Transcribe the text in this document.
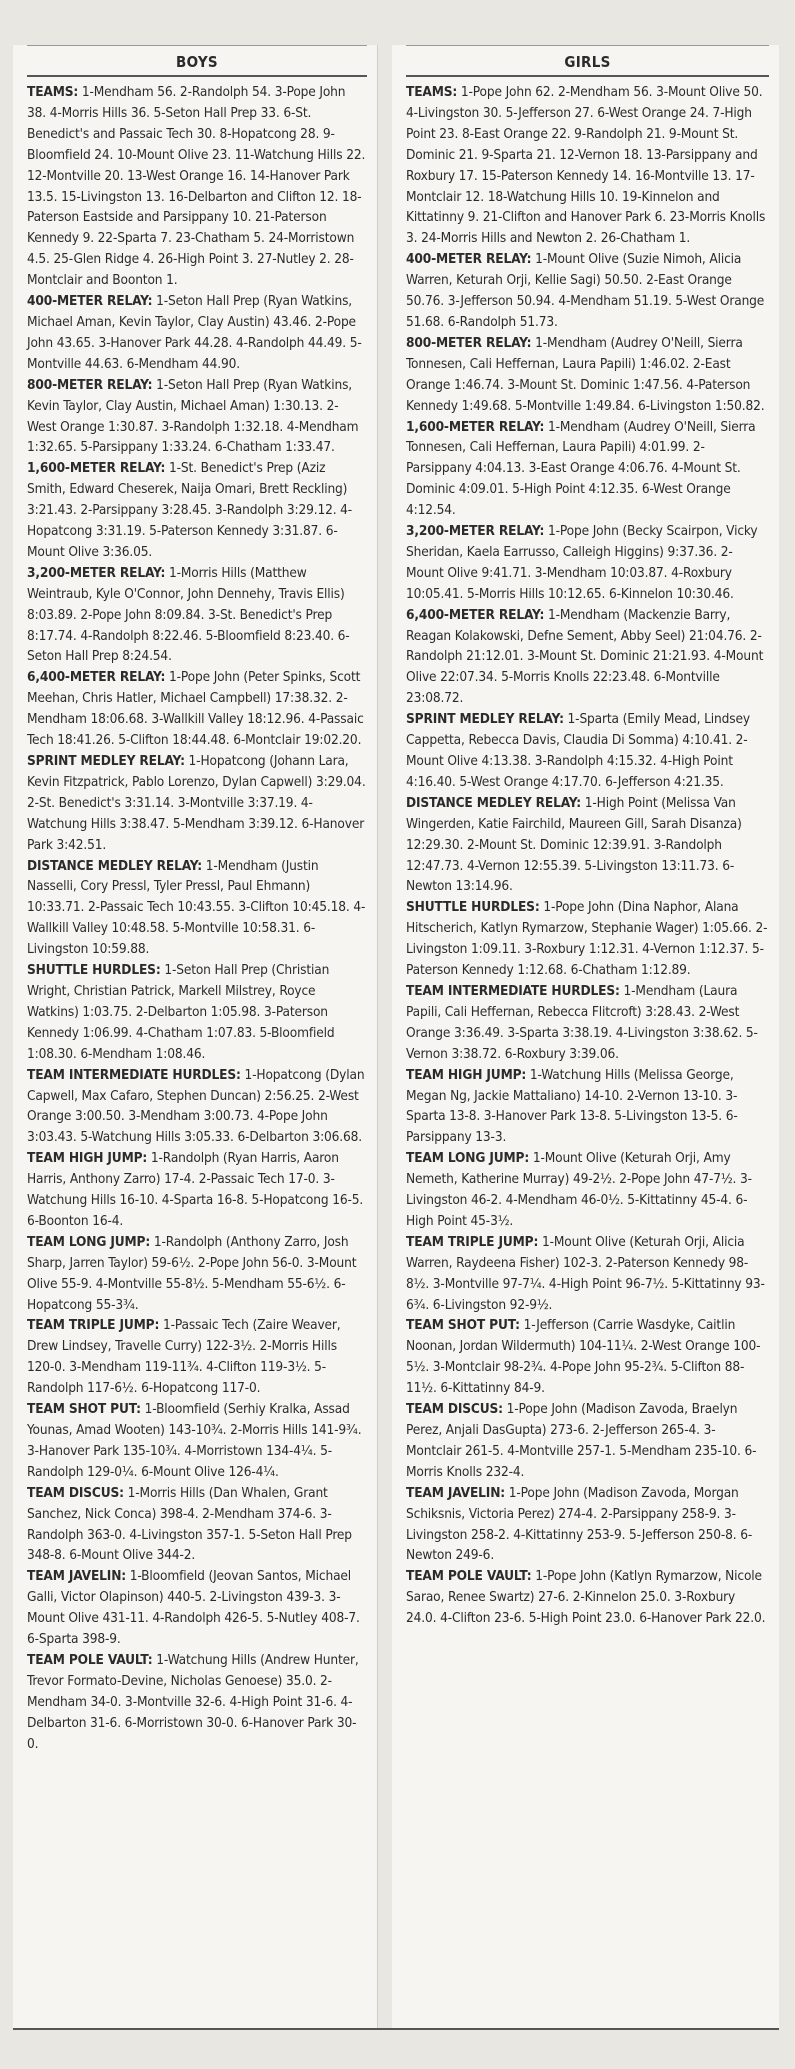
BOYS

TEAMS: 1-Mendham 56. 2-Randolph 54. 3-Pope John 38. 4-Morris Hills 36. 5-Seton Hall Prep 33. 6-St. Benedict's and Passaic Tech 30. 8-Hopatcong 28. 9-Bloomfield 24. 10-Mount Olive 23. 11-Watchung Hills 22. 12-Montville 20. 13-West Orange 16. 14-Hanover Park 13.5. 15-Livingston 13. 16-Delbarton and Clifton 12. 18-Paterson Eastside and Parsippany 10. 21-Paterson Kennedy 9. 22-Sparta 7. 23-Chatham 5. 24-Morristown 4.5. 25-Glen Ridge 4. 26-High Point 3. 27-Nutley 2. 28-Montclair and Boonton 1.

400-METER RELAY: 1-Seton Hall Prep (Ryan Watkins, Michael Aman, Kevin Taylor, Clay Austin) 43.46. 2-Pope John 43.65. 3-Hanover Park 44.28. 4-Randolph 44.49. 5-Montville 44.63. 6-Mendham 44.90.

800-METER RELAY: 1-Seton Hall Prep (Ryan Watkins, Kevin Taylor, Clay Austin, Michael Aman) 1:30.13. 2-West Orange 1:30.87. 3-Randolph 1:32.18. 4-Mendham 1:32.65. 5-Parsippany 1:33.24. 6-Chatham 1:33.47.

1,600-METER RELAY: 1-St. Benedict's Prep (Aziz Smith, Edward Cheserek, Naija Omari, Brett Reckling) 3:21.43. 2-Parsippany 3:28.45. 3-Randolph 3:29.12. 4-Hopatcong 3:31.19. 5-Paterson Kennedy 3:31.87. 6-Mount Olive 3:36.05.

3,200-METER RELAY: 1-Morris Hills (Matthew Weintraub, Kyle O'Connor, John Dennehy, Travis Ellis) 8:03.89. 2-Pope John 8:09.84. 3-St. Benedict's Prep 8:17.74. 4-Randolph 8:22.46. 5-Bloomfield 8:23.40. 6-Seton Hall Prep 8:24.54.

6,400-METER RELAY: 1-Pope John (Peter Spinks, Scott Meehan, Chris Hatler, Michael Campbell) 17:38.32. 2-Mendham 18:06.68. 3-Wallkill Valley 18:12.96. 4-Passaic Tech 18:41.26. 5-Clifton 18:44.48. 6-Montclair 19:02.20.

SPRINT MEDLEY RELAY: 1-Hopatcong (Johann Lara, Kevin Fitzpatrick, Pablo Lorenzo, Dylan Capwell) 3:29.04. 2-St. Benedict's 3:31.14. 3-Montville 3:37.19. 4-Watchung Hills 3:38.47. 5-Mendham 3:39.12. 6-Hanover Park 3:42.51.

DISTANCE MEDLEY RELAY: 1-Mendham (Justin Nasselli, Cory Pressl, Tyler Pressl, Paul Ehmann) 10:33.71. 2-Passaic Tech 10:43.55. 3-Clifton 10:45.18. 4-Wallkill Valley 10:48.58. 5-Montville 10:58.31. 6-Livingston 10:59.88.

SHUTTLE HURDLES: 1-Seton Hall Prep (Christian Wright, Christian Patrick, Markell Milstrey, Royce Watkins) 1:03.75. 2-Delbarton 1:05.98. 3-Paterson Kennedy 1:06.99. 4-Chatham 1:07.83. 5-Bloomfield 1:08.30. 6-Mendham 1:08.46.

TEAM INTERMEDIATE HURDLES: 1-Hopatcong (Dylan Capwell, Max Cafaro, Stephen Duncan) 2:56.25. 2-West Orange 3:00.50. 3-Mendham 3:00.73. 4-Pope John 3:03.43. 5-Watchung Hills 3:05.33. 6-Delbarton 3:06.68.

TEAM HIGH JUMP: 1-Randolph (Ryan Harris, Aaron Harris, Anthony Zarro) 17-4. 2-Passaic Tech 17-0. 3-Watchung Hills 16-10. 4-Sparta 16-8. 5-Hopatcong 16-5. 6-Boonton 16-4.

TEAM LONG JUMP: 1-Randolph (Anthony Zarro, Josh Sharp, Jarren Taylor) 59-6½. 2-Pope John 56-0. 3-Mount Olive 55-9. 4-Montville 55-8½. 5-Mendham 55-6½. 6-Hopatcong 55-3¾.

TEAM TRIPLE JUMP: 1-Passaic Tech (Zaire Weaver, Drew Lindsey, Travelle Curry) 122-3½. 2-Morris Hills 120-0. 3-Mendham 119-11¾. 4-Clifton 119-3½. 5-Randolph 117-6½. 6-Hopatcong 117-0.

TEAM SHOT PUT: 1-Bloomfield (Serhiy Kralka, Assad Younas, Amad Wooten) 143-10¾. 2-Morris Hills 141-9¾. 3-Hanover Park 135-10¾. 4-Morristown 134-4¼. 5-Randolph 129-0¼. 6-Mount Olive 126-4¼.

TEAM DISCUS: 1-Morris Hills (Dan Whalen, Grant Sanchez, Nick Conca) 398-4. 2-Mendham 374-6. 3-Randolph 363-0. 4-Livingston 357-1. 5-Seton Hall Prep 348-8. 6-Mount Olive 344-2.

TEAM JAVELIN: 1-Bloomfield (Jeovan Santos, Michael Galli, Victor Olapinson) 440-5. 2-Livingston 439-3. 3-Mount Olive 431-11. 4-Randolph 426-5. 5-Nutley 408-7. 6-Sparta 398-9.

TEAM POLE VAULT: 1-Watchung Hills (Andrew Hunter, Trevor Formato-Devine, Nicholas Genoese) 35.0. 2-Mendham 34-0. 3-Montville 32-6. 4-High Point 31-6. 4-Delbarton 31-6. 6-Morristown 30-0. 6-Hanover Park 30-0.

GIRLS

TEAMS: 1-Pope John 62. 2-Mendham 56. 3-Mount Olive 50. 4-Livingston 30. 5-Jefferson 27. 6-West Orange 24. 7-High Point 23. 8-East Orange 22. 9-Randolph 21. 9-Mount St. Dominic 21. 9-Sparta 21. 12-Vernon 18. 13-Parsippany and Roxbury 17. 15-Paterson Kennedy 14. 16-Montville 13. 17-Montclair 12. 18-Watchung Hills 10. 19-Kinnelon and Kittatinny 9. 21-Clifton and Hanover Park 6. 23-Morris Knolls 3. 24-Morris Hills and Newton 2. 26-Chatham 1.

400-METER RELAY: 1-Mount Olive (Suzie Nimoh, Alicia Warren, Keturah Orji, Kellie Sagi) 50.50. 2-East Orange 50.76. 3-Jefferson 50.94. 4-Mendham 51.19. 5-West Orange 51.68. 6-Randolph 51.73.

800-METER RELAY: 1-Mendham (Audrey O'Neill, Sierra Tonnesen, Cali Heffernan, Laura Papili) 1:46.02. 2-East Orange 1:46.74. 3-Mount St. Dominic 1:47.56. 4-Paterson Kennedy 1:49.68. 5-Montville 1:49.84. 6-Livingston 1:50.82.

1,600-METER RELAY: 1-Mendham (Audrey O'Neill, Sierra Tonnesen, Cali Heffernan, Laura Papili) 4:01.99. 2-Parsippany 4:04.13. 3-East Orange 4:06.76. 4-Mount St. Dominic 4:09.01. 5-High Point 4:12.35. 6-West Orange 4:12.54.

3,200-METER RELAY: 1-Pope John (Becky Scairpon, Vicky Sheridan, Kaela Earrusso, Calleigh Higgins) 9:37.36. 2-Mount Olive 9:41.71. 3-Mendham 10:03.87. 4-Roxbury 10:05.41. 5-Morris Hills 10:12.65. 6-Kinnelon 10:30.46.

6,400-METER RELAY: 1-Mendham (Mackenzie Barry, Reagan Kolakowski, Defne Sement, Abby Seel) 21:04.76. 2-Randolph 21:12.01. 3-Mount St. Dominic 21:21.93. 4-Mount Olive 22:07.34. 5-Morris Knolls 22:23.48. 6-Montville 23:08.72.

SPRINT MEDLEY RELAY: 1-Sparta (Emily Mead, Lindsey Cappetta, Rebecca Davis, Claudia Di Somma) 4:10.41. 2-Mount Olive 4:13.38. 3-Randolph 4:15.32. 4-High Point 4:16.40. 5-West Orange 4:17.70. 6-Jefferson 4:21.35.

DISTANCE MEDLEY RELAY: 1-High Point (Melissa Van Wingerden, Katie Fairchild, Maureen Gill, Sarah Disanza) 12:29.30. 2-Mount St. Dominic 12:39.91. 3-Randolph 12:47.73. 4-Vernon 12:55.39. 5-Livingston 13:11.73. 6-Newton 13:14.96.

SHUTTLE HURDLES: 1-Pope John (Dina Naphor, Alana Hitscherich, Katlyn Rymarzow, Stephanie Wager) 1:05.66. 2-Livingston 1:09.11. 3-Roxbury 1:12.31. 4-Vernon 1:12.37. 5-Paterson Kennedy 1:12.68. 6-Chatham 1:12.89.

TEAM INTERMEDIATE HURDLES: 1-Mendham (Laura Papili, Cali Heffernan, Rebecca Flitcroft) 3:28.43. 2-West Orange 3:36.49. 3-Sparta 3:38.19. 4-Livingston 3:38.62. 5-Vernon 3:38.72. 6-Roxbury 3:39.06.

TEAM HIGH JUMP: 1-Watchung Hills (Melissa George, Megan Ng, Jackie Mattaliano) 14-10. 2-Vernon 13-10. 3-Sparta 13-8. 3-Hanover Park 13-8. 5-Livingston 13-5. 6-Parsippany 13-3.

TEAM LONG JUMP: 1-Mount Olive (Keturah Orji, Amy Nemeth, Katherine Murray) 49-2½. 2-Pope John 47-7½. 3-Livingston 46-2. 4-Mendham 46-0½. 5-Kittatinny 45-4. 6-High Point 45-3½.

TEAM TRIPLE JUMP: 1-Mount Olive (Keturah Orji, Alicia Warren, Raydeena Fisher) 102-3. 2-Paterson Kennedy 98-8½. 3-Montville 97-7¼. 4-High Point 96-7½. 5-Kittatinny 93-6¾. 6-Livingston 92-9½.

TEAM SHOT PUT: 1-Jefferson (Carrie Wasdyke, Caitlin Noonan, Jordan Wildermuth) 104-11¼. 2-West Orange 100-5½. 3-Montclair 98-2¾. 4-Pope John 95-2¾. 5-Clifton 88-11½. 6-Kittatinny 84-9.

TEAM DISCUS: 1-Pope John (Madison Zavoda, Braelyn Perez, Anjali DasGupta) 273-6. 2-Jefferson 265-4. 3-Montclair 261-5. 4-Montville 257-1. 5-Mendham 235-10. 6-Morris Knolls 232-4.

TEAM JAVELIN: 1-Pope John (Madison Zavoda, Morgan Schiksnis, Victoria Perez) 274-4. 2-Parsippany 258-9. 3-Livingston 258-2. 4-Kittatinny 253-9. 5-Jefferson 250-8. 6-Newton 249-6.

TEAM POLE VAULT: 1-Pope John (Katlyn Rymarzow, Nicole Sarao, Renee Swartz) 27-6. 2-Kinnelon 25.0. 3-Roxbury 24.0. 4-Clifton 23-6. 5-High Point 23.0. 6-Hanover Park 22.0.
